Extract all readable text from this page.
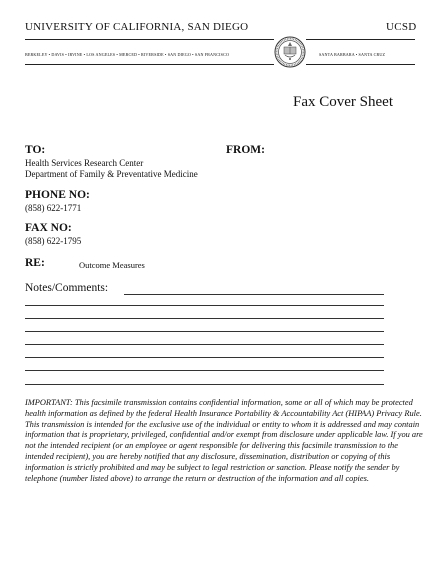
UNIVERSITY OF CALIFORNIA, SAN DIEGO	UCSD
BERKELEY • DAVIS • IRVINE • LOS ANGELES • MERCED • RIVERSIDE • SAN DIEGO • SAN FRANCISCO	SANTA BARBARA • SANTA CRUZ
Fax Cover Sheet
TO:	FROM:
Health Services Research Center
Department of Family & Preventative Medicine
PHONE NO:
(858) 622-1771
FAX NO:
(858) 622-1795
RE:	Outcome Measures
Notes/Comments:
IMPORTANT: This facsimile transmission contains confidential information, some or all of which may be protected health information as defined by the federal Health Insurance Portability & Accountability Act (HIPAA) Privacy Rule. This transmission is intended for the exclusive use of the individual or entity to whom it is addressed and may contain information that is proprietary, privileged, confidential and/or exempt from disclosure under applicable law. If you are not the intended recipient (or an employee or agent responsible for delivering this facsimile transmission to the intended recipient), you are hereby notified that any disclosure, dissemination, distribution or copying of this information is strictly prohibited and may be subject to legal restriction or sanction. Please notify the sender by telephone (number listed above) to arrange the return or destruction of the information and all copies.
